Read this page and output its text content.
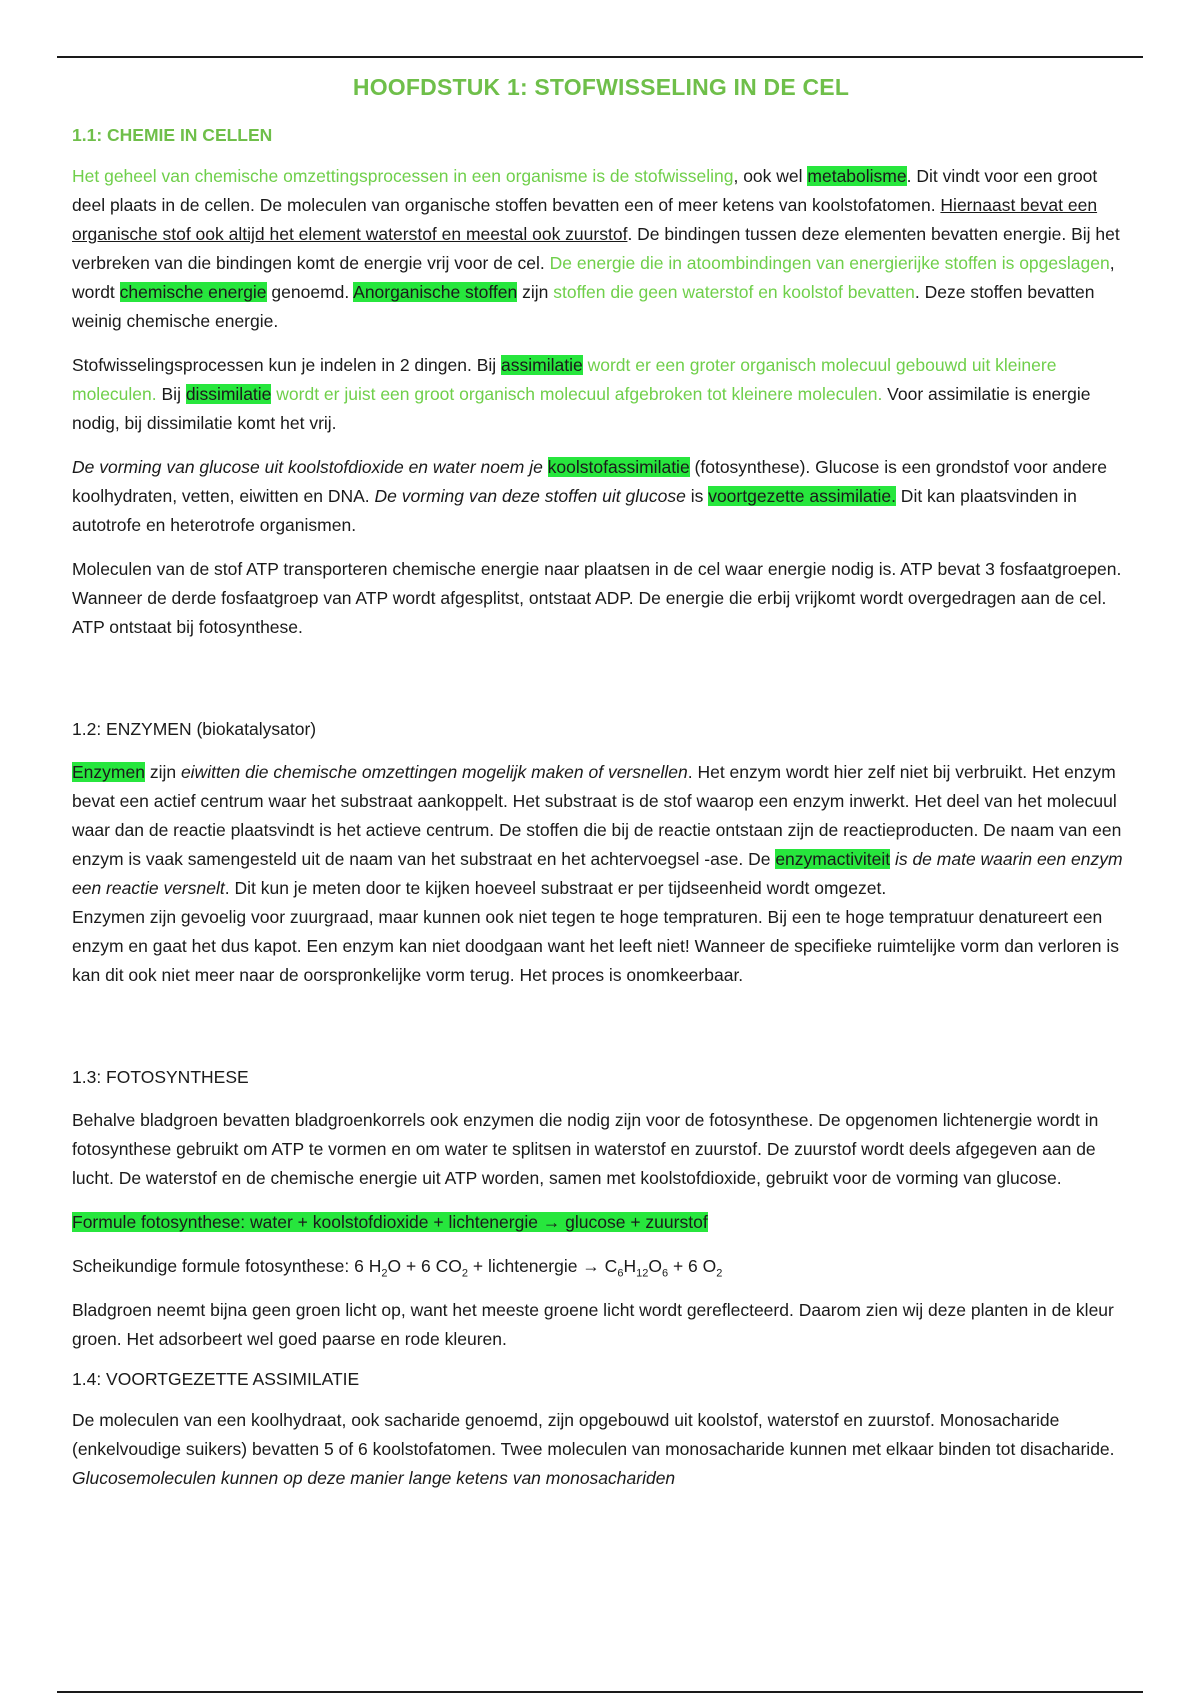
HOOFDSTUK 1: STOFWISSELING IN DE CEL
1.1: CHEMIE IN CELLEN

Het geheel van chemische omzettingsprocessen in een organisme is de stofwisseling, ook wel metabolisme. Dit vindt voor een groot deel plaats in de cellen. De moleculen van organische stoffen bevatten een of meer ketens van koolstofatomen. Hiernaast bevat een organische stof ook altijd het element waterstof en meestal ook zuurstof. De bindingen tussen deze elementen bevatten energie. Bij het verbreken van die bindingen komt de energie vrij voor de cel. De energie die in atoombindingen van energierijke stoffen is opgeslagen, wordt chemische energie genoemd. Anorganische stoffen zijn stoffen die geen waterstof en koolstof bevatten. Deze stoffen bevatten weinig chemische energie.

Stofwisselingsprocessen kun je indelen in 2 dingen. Bij assimilatie wordt er een groter organisch molecuul gebouwd uit kleinere moleculen. Bij dissimilatie wordt er juist een groot organisch molecuul afgebroken tot kleinere moleculen. Voor assimilatie is energie nodig, bij dissimilatie komt het vrij.

De vorming van glucose uit koolstofdioxide en water noem je koolstofassimilatie (fotosynthese). Glucose is een grondstof voor andere koolhydraten, vetten, eiwitten en DNA. De vorming van deze stoffen uit glucose is voortgezette assimilatie. Dit kan plaatsvinden in autotrofe en heterotrofe organismen.

Moleculen van de stof ATP transporteren chemische energie naar plaatsen in de cel waar energie nodig is. ATP bevat 3 fosfaatgroepen. Wanneer de derde fosfaatgroep van ATP wordt afgesplitst, ontstaat ADP. De energie die erbij vrijkomt wordt overgedragen aan de cel. ATP ontstaat bij fotosynthese.

1.2: ENZYMEN (biokatalysator)

Enzymen zijn eiwitten die chemische omzettingen mogelijk maken of versnellen. Het enzym wordt hier zelf niet bij verbruikt. Het enzym bevat een actief centrum waar het substraat aankoppelt. Het substraat is de stof waarop een enzym inwerkt. Het deel van het molecuul waar dan de reactie plaatsvindt is het actieve centrum. De stoffen die bij de reactie ontstaan zijn de reactieproducten. De naam van een enzym is vaak samengesteld uit de naam van het substraat en het achtervoegsel -ase. De enzymactiviteit is de mate waarin een enzym een reactie versnelt. Dit kun je meten door te kijken hoeveel substraat er per tijdseenheid wordt omgezet.

Enzymen zijn gevoelig voor zuurgraad, maar kunnen ook niet tegen te hoge tempraturen. Bij een te hoge tempratuur denatureert een enzym en gaat het dus kapot. Een enzym kan niet doodgaan want het leeft niet! Wanneer de specifieke ruimtelijke vorm dan verloren is kan dit ook niet meer naar de oorspronkelijke vorm terug. Het proces is onomkeerbaar.

1.3: FOTOSYNTHESE

Behalve bladgroen bevatten bladgroenkorrels ook enzymen die nodig zijn voor de fotosynthese. De opgenomen lichtenergie wordt in fotosynthese gebruikt om ATP te vormen en om water te splitsen in waterstof en zuurstof. De zuurstof wordt deels afgegeven aan de lucht. De waterstof en de chemische energie uit ATP worden, samen met koolstofdioxide, gebruikt voor de vorming van glucose.

Formule fotosynthese: water + koolstofdioxide + lichtenergie → glucose + zuurstof

Scheikundige formule fotosynthese: 6 $H_2O + 6$ $CO_2$ + lichtenergie → $C_6H_{12}O_6 + 6$ $O_2$

Bladgroen neemt bijna geen groen licht op, want het meeste groene licht wordt gereflecteerd. Daarom zien wij deze planten in de kleur groen. Het adsorbeert wel goed paarse en rode kleuren.

1.4: VOORTGEZETTE ASSIMILATIE

De moleculen van een koolhydraat, ook sacharide genoemd, zijn opgebouwd uit koolstof, waterstof en zuurstof. Monosacharide (enkelvoudige suikers) bevatten 5 of 6 koolstofatomen. Twee moleculen van monosacharide kunnen met elkaar binden tot disacharide. Glucosemoleculen kunnen op deze manier lange ketens van monosachariden
